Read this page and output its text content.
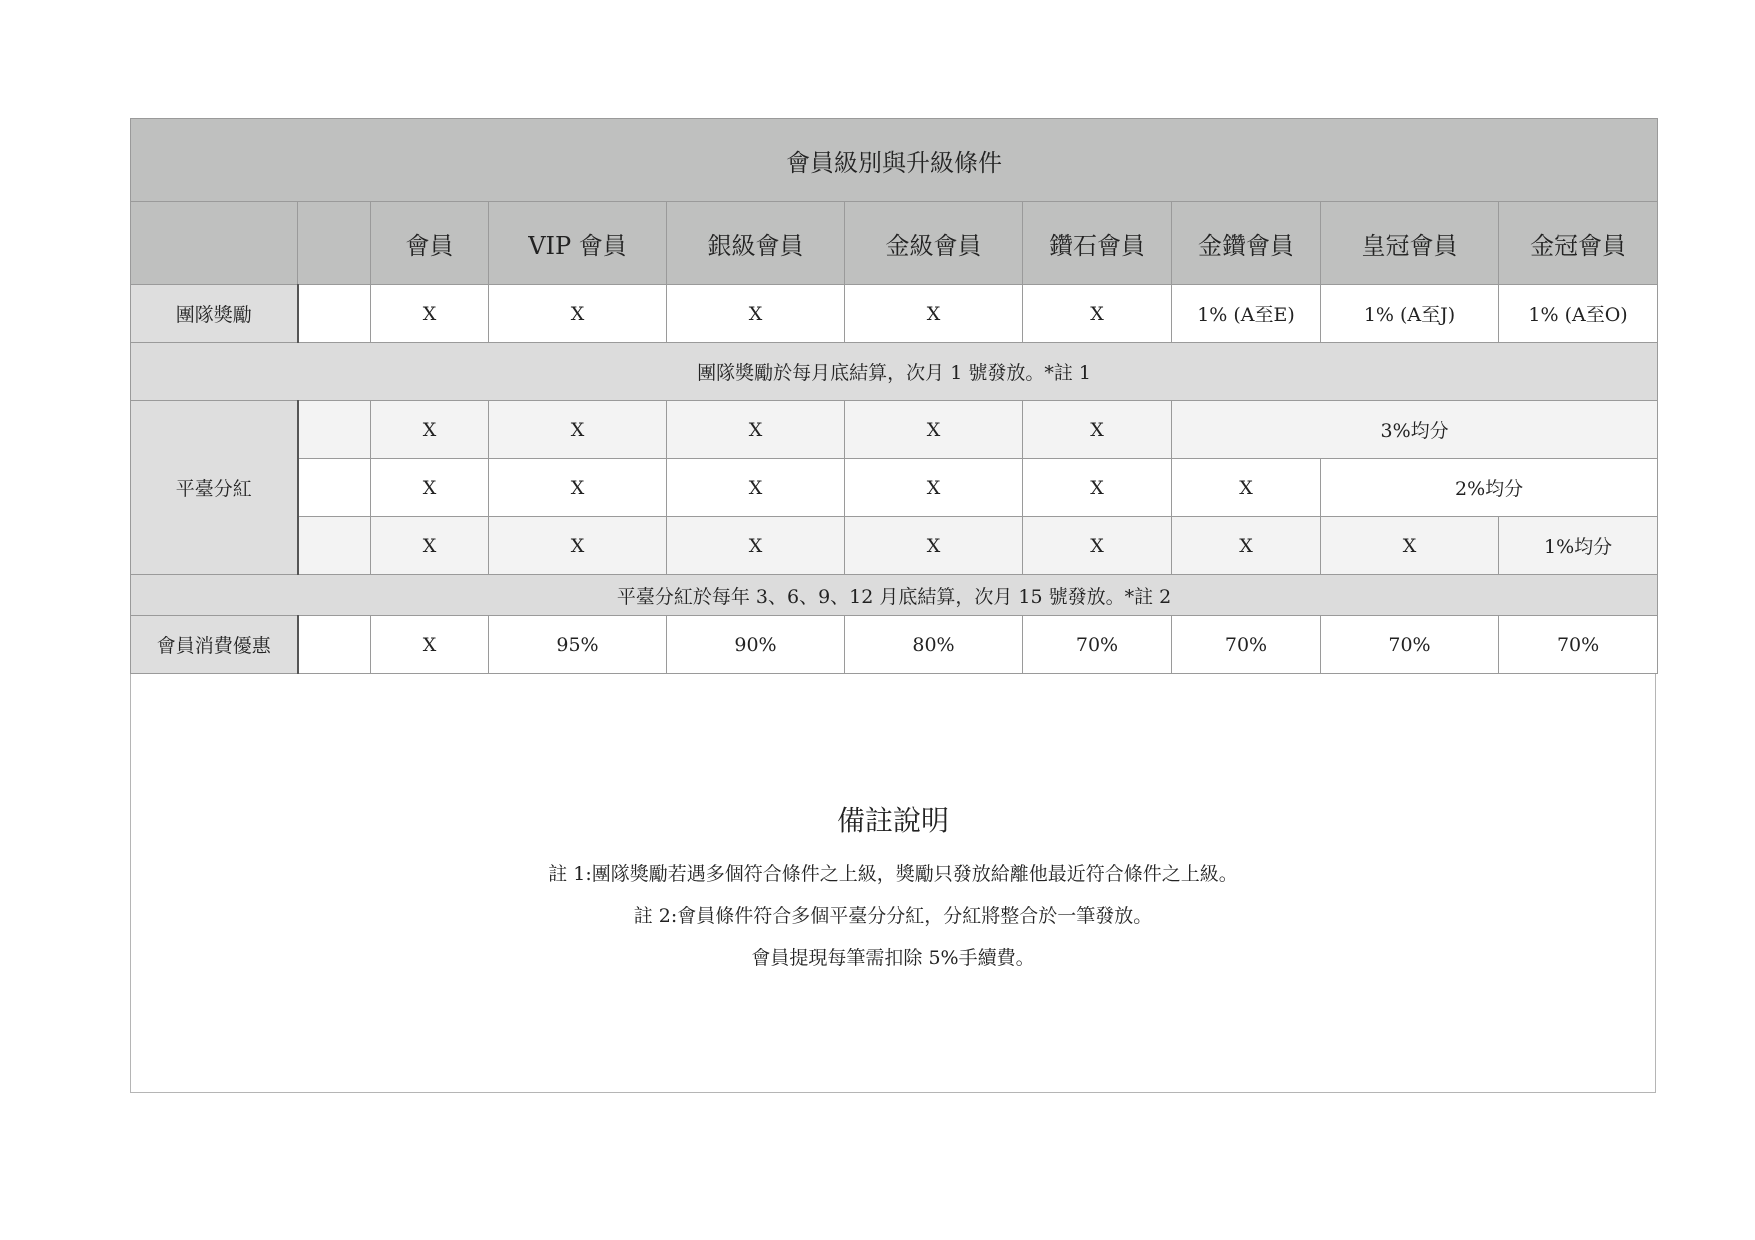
會員級別與升級條件									
		會員	VIP 會員	銀級會員	金級會員	鑽石會員	金鑽會員	皇冠會員	金冠會員
團隊獎勵		X	X	X	X	X	1% (A至E)	1% (A至J)	1% (A至O)
團隊獎勵於每月底結算，次月 1 號發放。*註 1									
平臺分紅		X	X	X	X	X	3%均分		
		X	X	X	X	X	X	2%均分	
		X	X	X	X	X	X	X	1%均分
平臺分紅於每年 3、6、9、12 月底結算，次月 15 號發放。*註 2									
會員消費優惠		X	95%	90%	80%	70%	70%	70%	70%

備註說明

註 1:團隊獎勵若遇多個符合條件之上級，獎勵只發放給離他最近符合條件之上級。

註 2:會員條件符合多個平臺分分紅，分紅將整合於一筆發放。

會員提現每筆需扣除 5%手續費。
